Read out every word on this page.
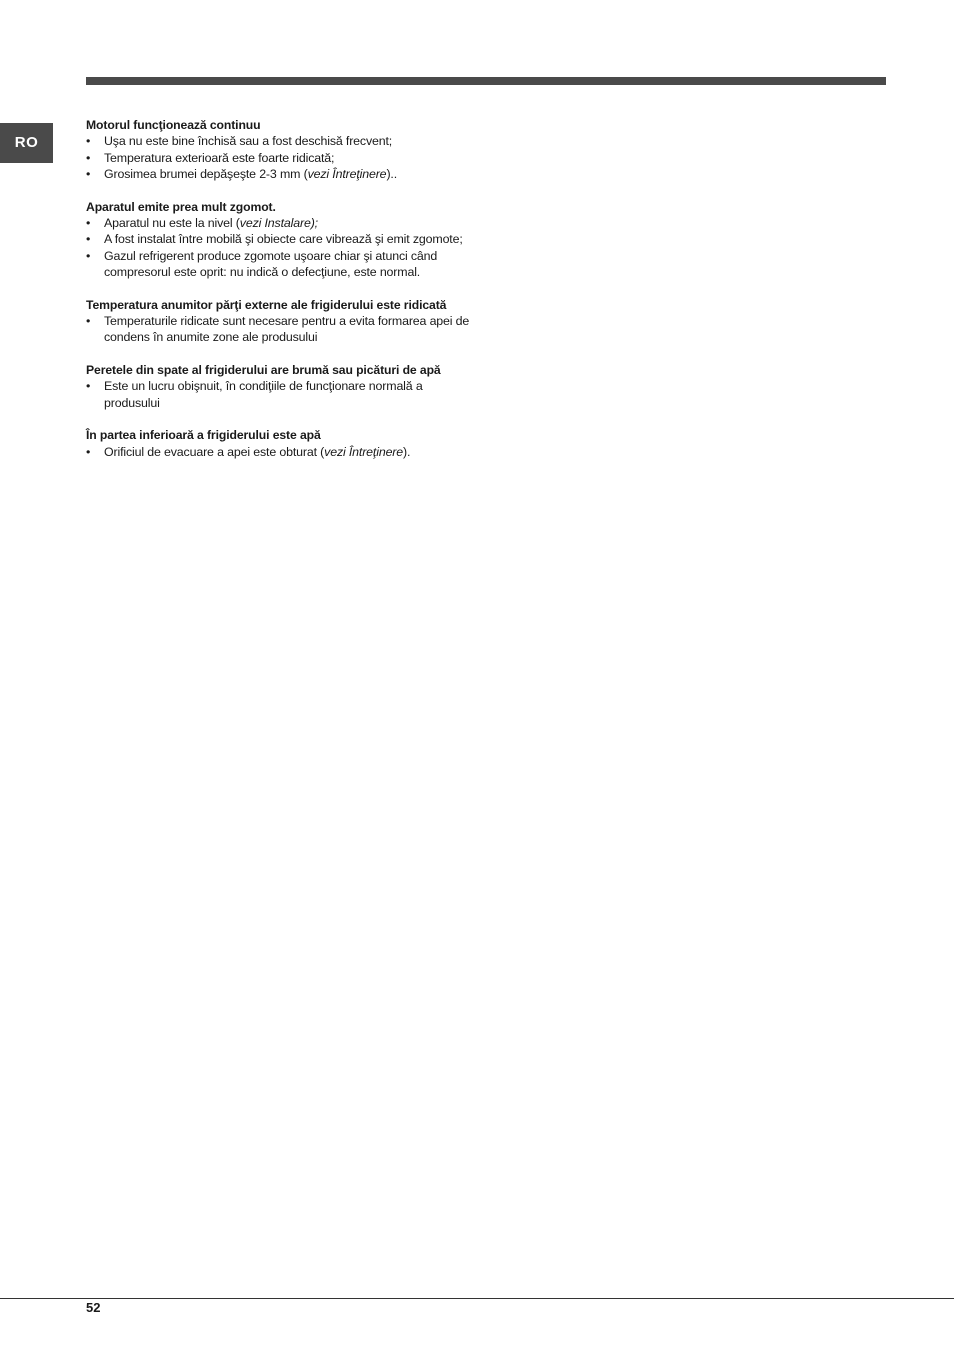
RO

Motorul funcţionează continuu

• Uşa nu este bine închisă sau a fost deschisă frecvent;
• Temperatura exterioară este foarte ridicată;
• Grosimea brumei depăşeşte 2-3 mm (vezi Întreţinere)..

Aparatul emite prea mult zgomot.

• Aparatul nu este la nivel (vezi Instalare);
• A fost instalat între mobilă şi obiecte care vibrează şi emit zgomote;
• Gazul refrigerent produce zgomote uşoare chiar şi atunci când compresorul este oprit: nu indică o defecţiune, este normal.

Temperatura anumitor părţi externe ale frigiderului este ridicată

• Temperaturile ridicate sunt necesare pentru a evita formarea apei de condens în anumite zone ale produsului

Peretele din spate al frigiderului are brumă sau picături de apă

• Este un lucru obişnuit, în condiţiile de funcţionare normală a produsului

În partea inferioară a frigiderului este apă

• Orificiul de evacuare a apei este obturat (vezi Întreţinere).
52
